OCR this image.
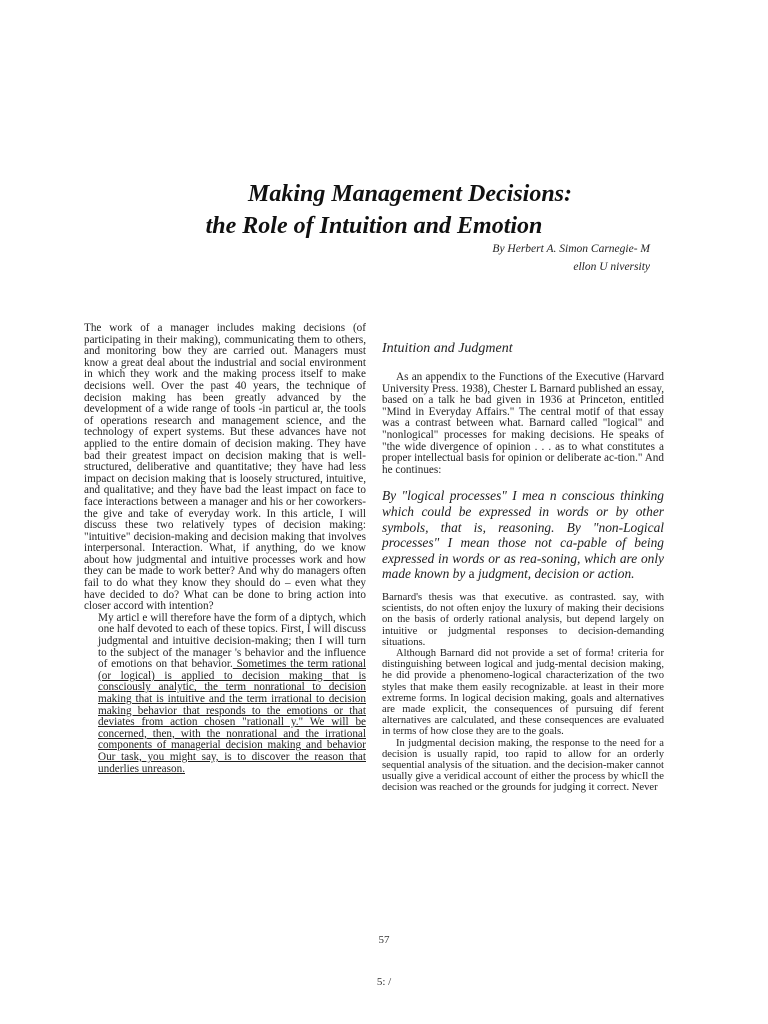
Making Management Decisions:
the Role of Intuition and Emotion
By Herbert A. Simon Carnegie- M
ellon U niversity

The work of a manager includes making decisions (of participating in their making), communicating them to others, and monitoring bow they are carried out. Managers must know a great deal about the industrial and social environment in which they work and the making process itself to make decisions well. Over the past 40 years, the technique of decision making has been greatly advanced by the development of a wide range of tools -in particul ar, the tools of operations research and management science, and the technology of expert systems. But these advances have not applied to the entire domain of decision making. They have bad their greatest impact on decision making that is well-structured, deliberative and quantitative; they have had less impact on decision making that is loosely structured, intuitive, and qualitative; and they have bad the least impact on face to face interactions between a manager and his or her coworkers-the give and take of everyday work. In this article, I will discuss these two relatively types of decision making: "intuitive" decision-making and decision making that involves interpersonal. Interaction. What, if anything, do we know about how judgmental and intuitive processes work and how they can be made to work better? And why do managers often fail to do what they know they should do – even what they have decided to do? What can be done to bring action into closer accord with intention?

My articl e will therefore have the form of a diptych, which one half devoted to each of these topics. First, I will discuss judgmental and intuitive decision-making; then I will turn to the subject of the manager 's behavior and the influence of emotions on that behavior. Sometimes the term rational (or logical) is applied to decision making that is consciously analytic, the term nonrational to decision making that is intuitive and the term irrational to decision making behavior that responds to the emotions or that deviates from action chosen "rationall y." We will be concerned, then, with the nonrational and the irrational components of managerial decision making and behavior Our task, you might say, is to discover the reason that underlies unreason.

Intuition and Judgment

As an appendix to the Functions of the Executive (Harvard University Press. 1938), Chester L Barnard published an essay, based on a talk he bad given in 1936 at Princeton, entitled "Mind in Everyday Affairs." The central motif of that essay was a contrast between what. Barnard called "logical" and "nonlogical" processes for making decisions. He speaks of "the wide divergence of opinion . . . as to what constitutes a proper intellectual basis for opinion or deliberate ac-tion." And he continues:

By "logical processes" I mea n conscious thinking which could be expressed in words or by other symbols, that is, reasoning. By "non-Logical processes" I mean those not ca-pable of being expressed in words or as rea-soning, which are only made known by a judgment, decision or action.

Barnard's thesis was that executive. as contrasted. say, with scientists, do not often enjoy the luxury of making their decisions on the basis of orderly rational analysis, but depend largely on intuitive or judgmental responses to decision-demanding situations.

Although Barnard did not provide a set of forma! criteria for distinguishing between logical and judg-mental decision making, he did provide a phenomeno-logical characterization of the two styles that make them easily recognizable. at least in their more extreme forms. In logical decision making, goals and alternatives are made explicit, the consequences of pursuing dif ferent alternatives are calculated, and these consequences are evaluated in terms of how close they are to the goals.

In judgmental decision making, the response to the need for a decision is usually rapid, too rapid to allow for an orderly sequential analysis of the situation. and the decision-maker cannot usually give a veridical account of either the process by whicIl the decision was reached or the grounds for judging it correct. Never

57
5: /
